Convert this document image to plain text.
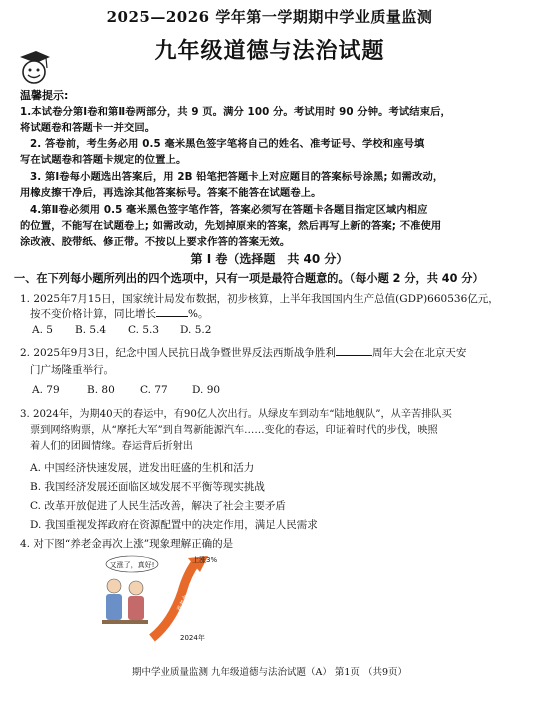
2025—2026 学年第一学期期中学业质量监测
九年级道德与法治试题
温馨提示:
1.本试卷分第Ⅰ卷和第Ⅱ卷两部分，共 9 页。满分 100 分。考试用时 90 分钟。考试结束后，
将试题卷和答题卡一并交回。
2. 答卷前，考生务必用 0.5 毫米黑色签字笔将自己的姓名、准考证号、学校和座号填
写在试题卷和答题卡规定的位置上。
3. 第Ⅰ卷每小题选出答案后，用 2B 铅笔把答题卡上对应题目的答案标号涂黑; 如需改动，
用橡皮擦干净后，再选涂其他答案标号。答案不能答在试题卷上。
4.第Ⅱ卷必须用 0.5 毫米黑色签字笔作答，答案必须写在答题卡各题目指定区域内相应
的位置，不能写在试题卷上; 如需改动，先划掉原来的答案，然后再写上新的答案; 不准使用
涂改液、胶带纸、修正带。不按以上要求作答的答案无效。
第 Ⅰ 卷（选择题　共 40 分）
一、在下列每小题所列出的四个选项中，只有一项是最符合题意的。（每小题 2 分，共 40 分）
1. 2025年7月15日，国家统计局发布数据，初步核算，上半年我国国内生产总值(GDP)660536亿元，
按不变价格计算，同比增长	%。
A. 5 B. 5.4 C. 5.3 D. 5.2
2. 2025年9月3日，纪念中国人民抗日战争暨世界反法西斯战争胜利	周年大会在北京天安
门广场隆重举行。
A. 79	B. 80 C. 77 D. 90
3. 2024年，为期40天的春运中，有90亿人次出行。从绿皮车到动车“陆地舰队”，从辛苦排队买
票到网络购票，从“摩托大军”到自驾新能源汽车……变化的春运，印证着时代的步伐，映照
着人们的团圆情缘。春运背后折射出
A. 中国经济快速发展，迸发出旺盛的生机和活力
B. 我国经济发展还面临区域发展不平衡等现实挑战
C. 改革开放促进了人民生活改善，解决了社会主要矛盾
D. 我国重视发挥政府在资源配置中的决定作用，满足人民需求
4. 对下图“养老金再次上涨”现象理解正确的是
又涨了，真好!
养老金
上涨3%
2024年
期中学业质量监测 九年级道德与法治试题（A） 第1页 （共9页）
